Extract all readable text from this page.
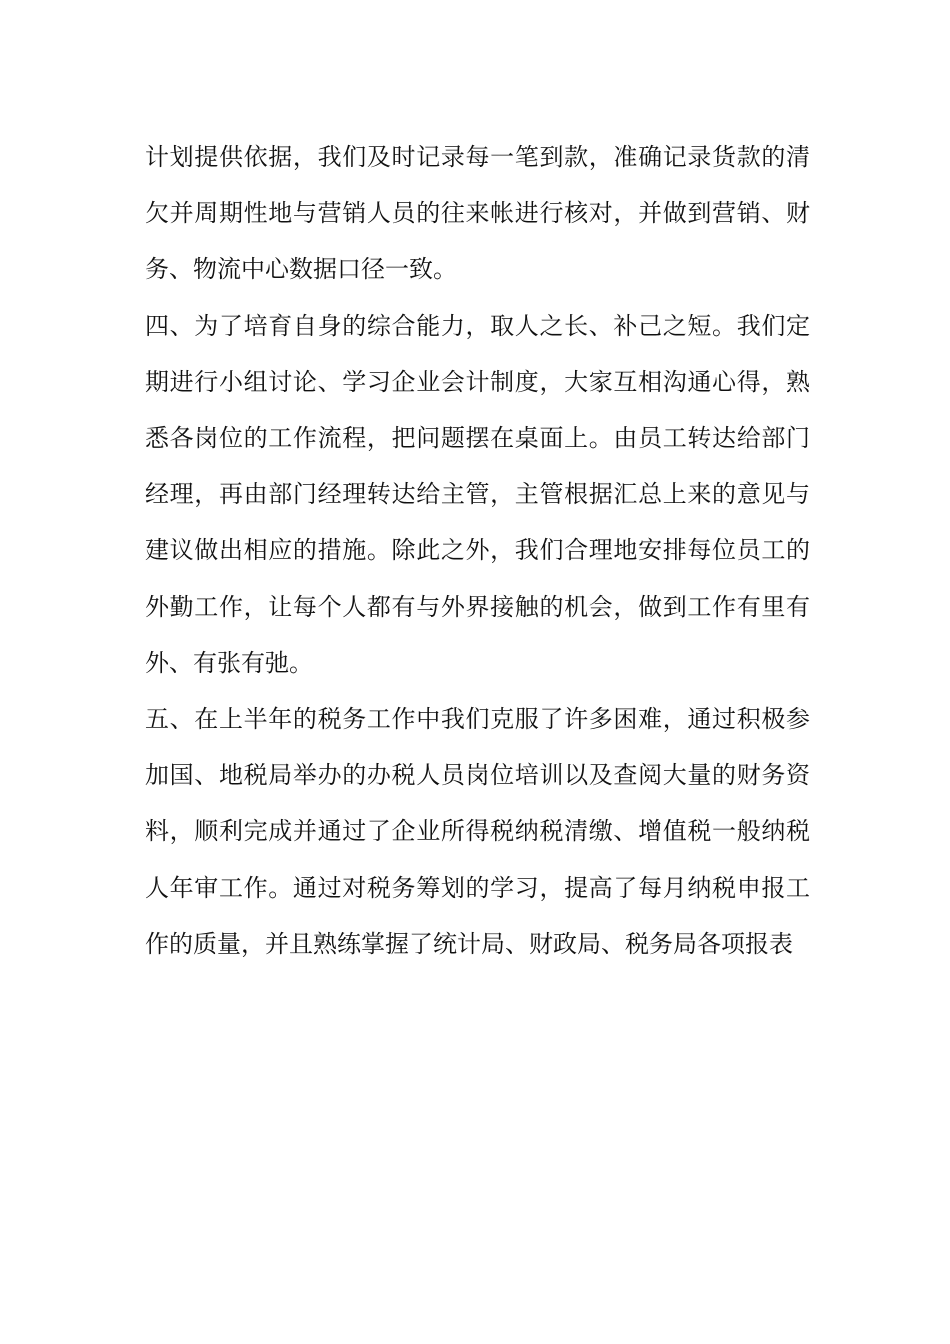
计划提供依据，我们及时记录每一笔到款，准确记录货款的清欠并周期性地与营销人员的往来帐进行核对，并做到营销、财务、物流中心数据口径一致。

四、为了培育自身的综合能力，取人之长、补己之短。我们定期进行小组讨论、学习企业会计制度，大家互相沟通心得，熟悉各岗位的工作流程，把问题摆在桌面上。由员工转达给部门经理，再由部门经理转达给主管，主管根据汇总上来的意见与建议做出相应的措施。除此之外，我们合理地安排每位员工的外勤工作，让每个人都有与外界接触的机会，做到工作有里有外、有张有弛。

五、在上半年的税务工作中我们克服了许多困难，通过积极参加国、地税局举办的办税人员岗位培训以及查阅大量的财务资料，顺利完成并通过了企业所得税纳税清缴、增值税一般纳税人年审工作。通过对税务筹划的学习，提高了每月纳税申报工作的质量，并且熟练掌握了统计局、财政局、税务局各项报表
